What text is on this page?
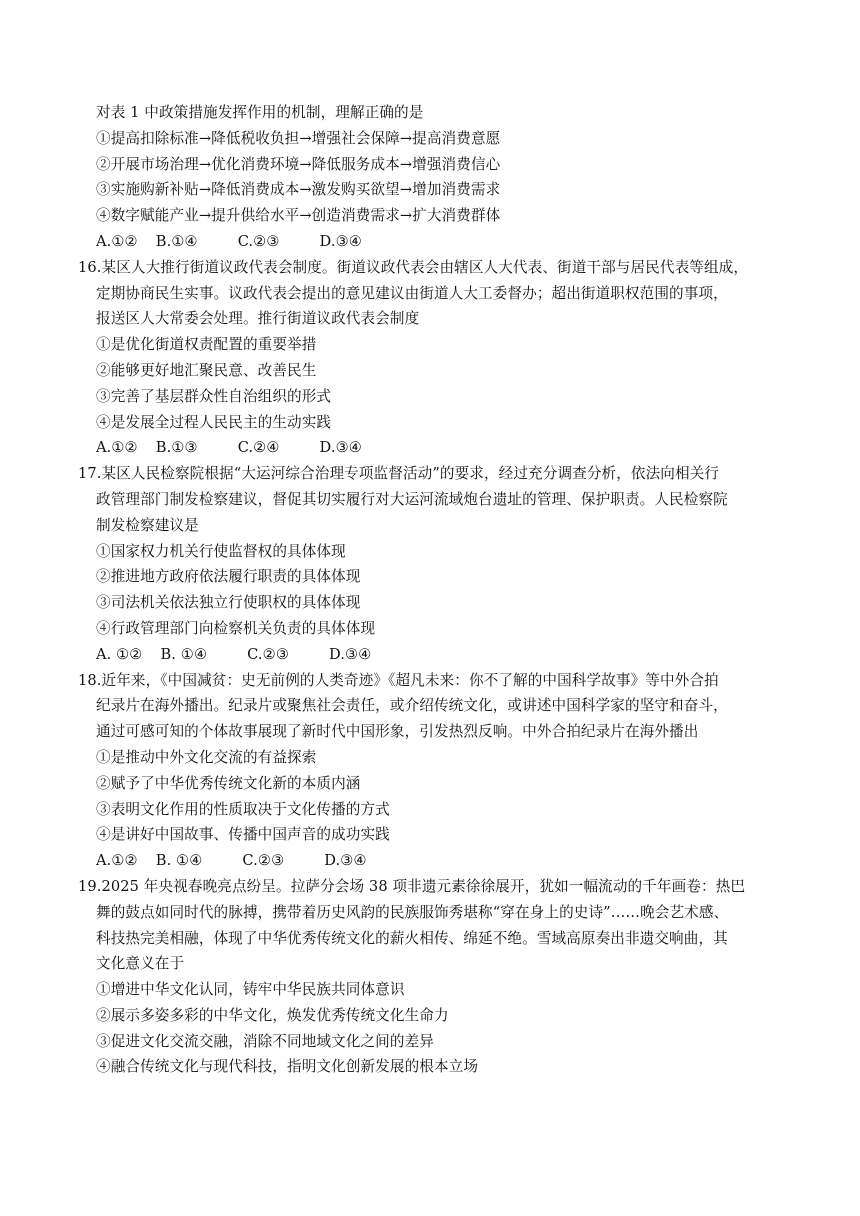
对表 1 中政策措施发挥作用的机制，理解正确的是
①提高扣除标准→降低税收负担→增强社会保障→提高消费意愿
②开展市场治理→优化消费环境→降低服务成本→增强消费信心
③实施购新补贴→降低消费成本→激发购买欲望→增加消费需求
④数字赋能产业→提升供给水平→创造消费需求→扩大消费群体
A.①② B.①④	C.②③	D.③④
16.某区人大推行街道议政代表会制度。街道议政代表会由辖区人大代表、街道干部与居民代表等组成，
定期协商民生实事。议政代表会提出的意见建议由街道人大工委督办；超出街道职权范围的事项，
报送区人大常委会处理。推行街道议政代表会制度
①是优化街道权责配置的重要举措
②能够更好地汇聚民意、改善民生
③完善了基层群众性自治组织的形式
④是发展全过程人民民主的生动实践
A.①② B.①③	C.②④	D.③④
17.某区人民检察院根据“大运河综合治理专项监督活动”的要求，经过充分调查分析，依法向相关行
政管理部门制发检察建议，督促其切实履行对大运河流域炮台遗址的管理、保护职责。人民检察院
制发检察建议是
①国家权力机关行使监督权的具体体现
②推进地方政府依法履行职责的具体体现
③司法机关依法独立行使职权的具体体现
④行政管理部门向检察机关负责的具体体现
A. ①② B. ①④	C.②③	D.③④
18.近年来，《中国减贫：史无前例的人类奇迹》《超凡未来：你不了解的中国科学故事》等中外合拍
纪录片在海外播出。纪录片或聚焦社会责任，或介绍传统文化，或讲述中国科学家的坚守和奋斗，
通过可感可知的个体故事展现了新时代中国形象，引发热烈反响。中外合拍纪录片在海外播出
①是推动中外文化交流的有益探索
②赋予了中华优秀传统文化新的本质内涵
③表明文化作用的性质取决于文化传播的方式
④是讲好中国故事、传播中国声音的成功实践
A.①② B. ①④	C.②③	D.③④
19.2025 年央视春晚亮点纷呈。拉萨分会场 38 项非遗元素徐徐展开，犹如一幅流动的千年画卷：热巴
舞的鼓点如同时代的脉搏，携带着历史风韵的民族服饰秀堪称“穿在身上的史诗”……晚会艺术感、
科技热完美相融，体现了中华优秀传统文化的薪火相传、绵延不绝。雪域高原奏出非遗交响曲，其
文化意义在于
①增进中华文化认同，铸牢中华民族共同体意识
②展示多姿多彩的中华文化，焕发优秀传统文化生命力
③促进文化交流交融，消除不同地域文化之间的差异
④融合传统文化与现代科技，指明文化创新发展的根本立场
